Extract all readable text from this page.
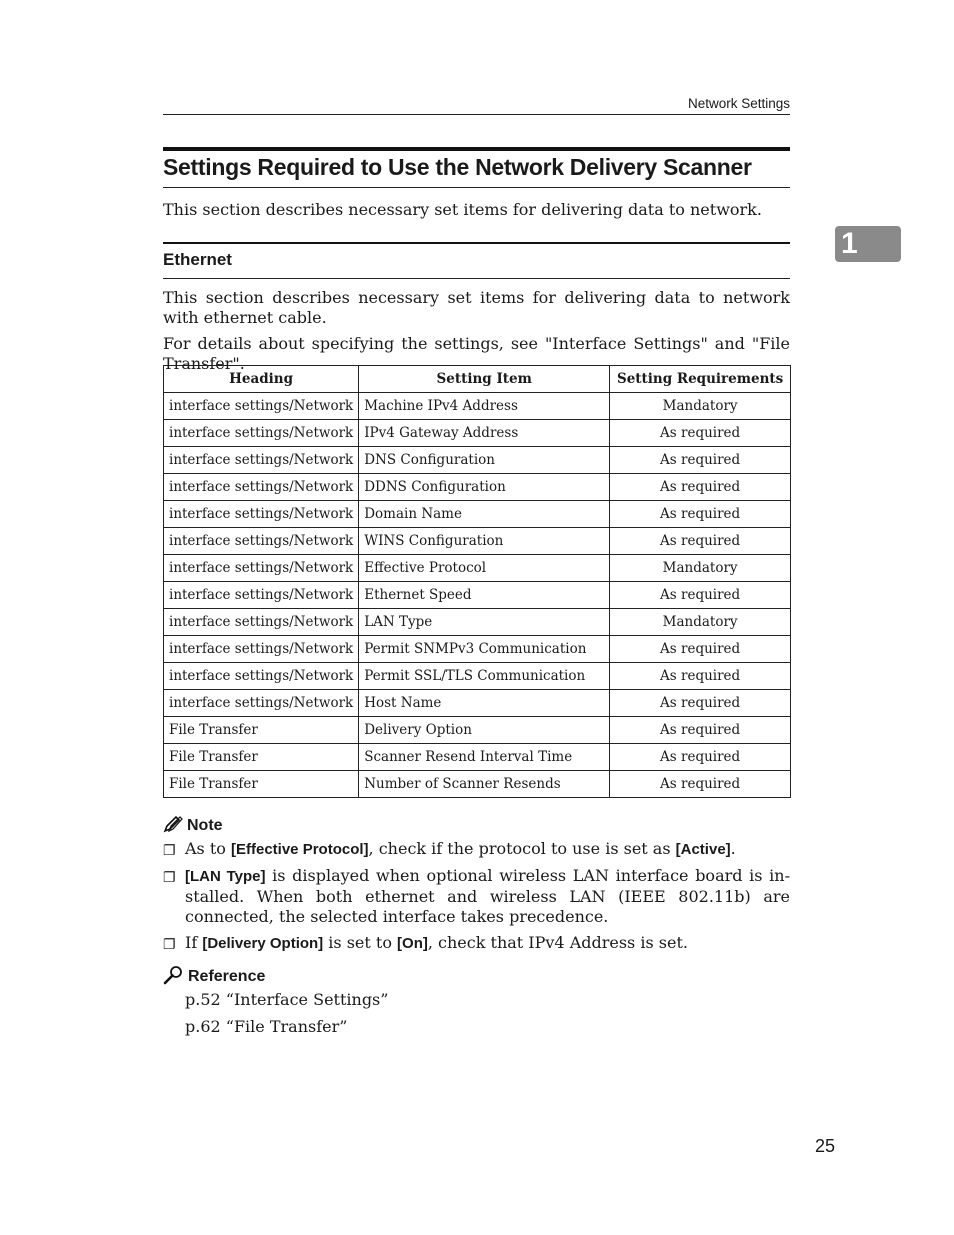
Network Settings
Settings Required to Use the Network Delivery Scanner

This section describes necessary set items for delivering data to network.

1
Ethernet

This section describes necessary set items for delivering data to network with ethernet cable.

For details about specifying the settings, see "Interface Settings" and "File Transfer".

Heading	Setting Item	Setting Requirements
interface settings/Network	Machine IPv4 Address	Mandatory
interface settings/Network	IPv4 Gateway Address	As required
interface settings/Network	DNS Configuration	As required
interface settings/Network	DDNS Configuration	As required
interface settings/Network	Domain Name	As required
interface settings/Network	WINS Configuration	As required
interface settings/Network	Effective Protocol	Mandatory
interface settings/Network	Ethernet Speed	As required
interface settings/Network	LAN Type	Mandatory
interface settings/Network	Permit SNMPv3 Communication	As required
interface settings/Network	Permit SSL/TLS Communication	As required
interface settings/Network	Host Name	As required
File Transfer	Delivery Option	As required
File Transfer	Scanner Resend Interval Time	As required
File Transfer	Number of Scanner Resends	As required
Note
❐ As to [Effective Protocol], check if the protocol to use is set as [Active].
❐ [LAN Type] is displayed when optional wireless LAN interface board is in-stalled. When both ethernet and wireless LAN (IEEE 802.11b) are connected, the selected interface takes precedence.
❐ If [Delivery Option] is set to [On], check that IPv4 Address is set.
Reference
p.52 “Interface Settings”
p.62 “File Transfer”
25
